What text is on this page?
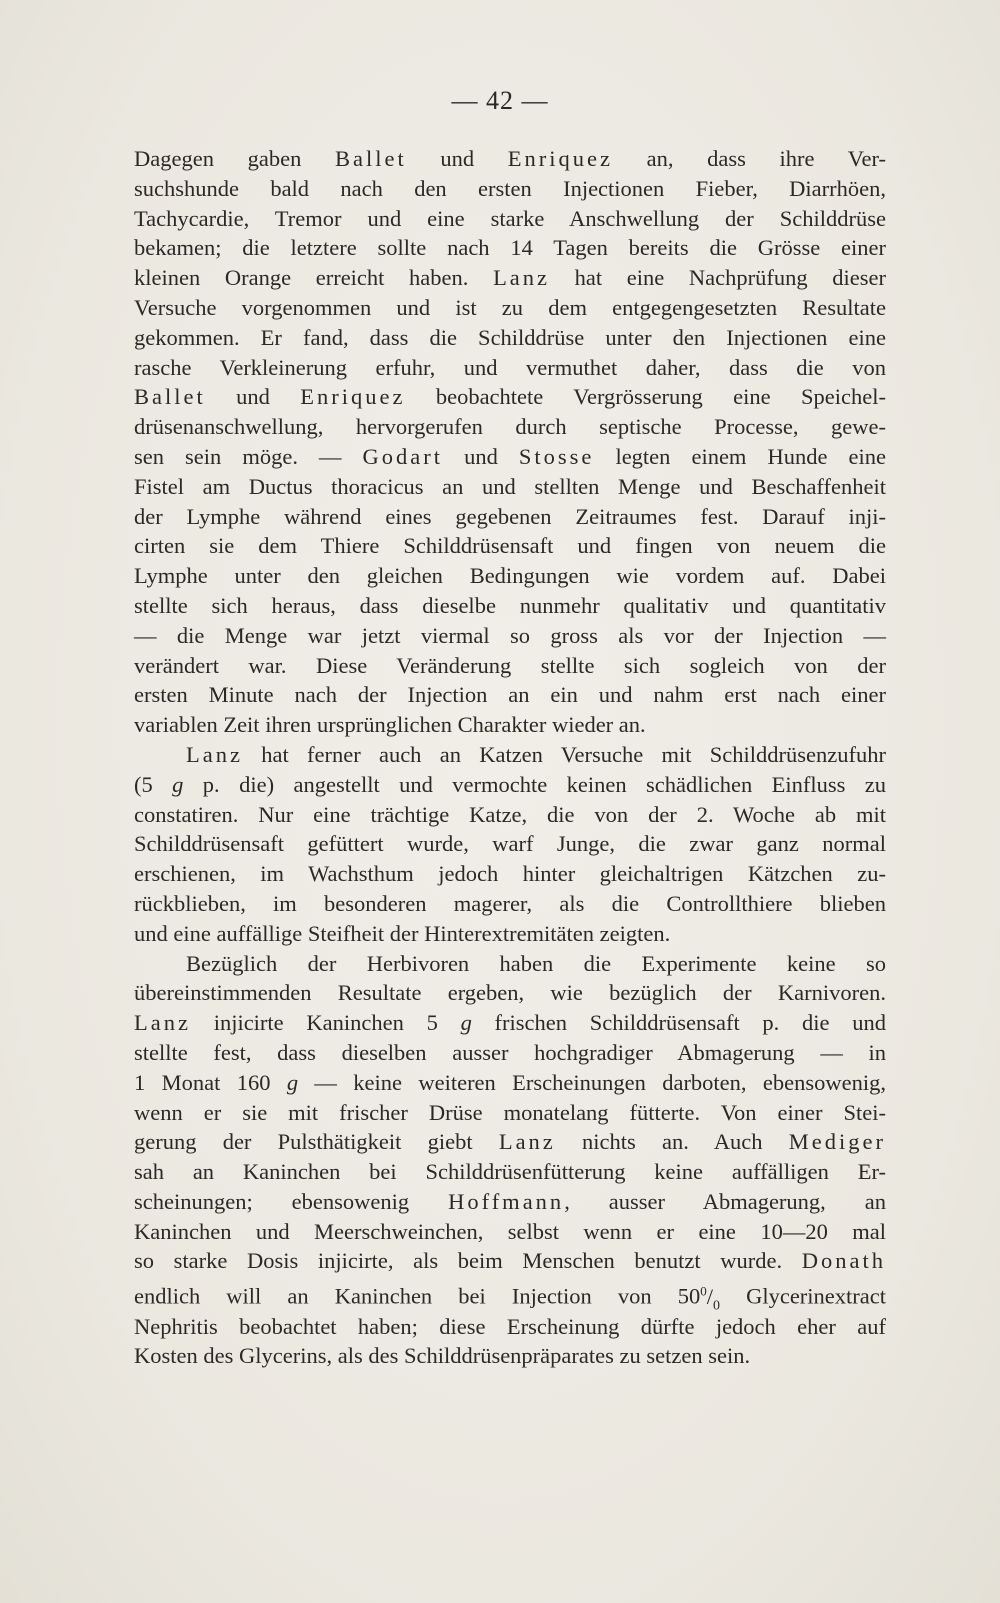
— 42 —
Dagegen gaben Ballet und Enriquez an, dass ihre Ver-
suchshunde bald nach den ersten Injectionen Fieber, Diarrhöen,
Tachycardie, Tremor und eine starke Anschwellung der Schilddrüse
bekamen; die letztere sollte nach 14 Tagen bereits die Grösse einer
kleinen Orange erreicht haben. Lanz hat eine Nachprüfung dieser
Versuche vorgenommen und ist zu dem entgegengesetzten Resultate
gekommen. Er fand, dass die Schilddrüse unter den Injectionen eine
rasche Verkleinerung erfuhr, und vermuthet daher, dass die von
Ballet und Enriquez beobachtete Vergrösserung eine Speichel-
drüsenanschwellung, hervorgerufen durch septische Processe, gewe-
sen sein möge. — Godart und Stosse legten einem Hunde eine
Fistel am Ductus thoracicus an und stellten Menge und Beschaffenheit
der Lymphe während eines gegebenen Zeitraumes fest. Darauf inji-
cirten sie dem Thiere Schilddrüsensaft und fingen von neuem die
Lymphe unter den gleichen Bedingungen wie vordem auf. Dabei
stellte sich heraus, dass dieselbe nunmehr qualitativ und quantitativ
— die Menge war jetzt viermal so gross als vor der Injection —
verändert war. Diese Veränderung stellte sich sogleich von der
ersten Minute nach der Injection an ein und nahm erst nach einer
variablen Zeit ihren ursprünglichen Charakter wieder an.
Lanz hat ferner auch an Katzen Versuche mit Schilddrüsenzufuhr
(5 g p. die) angestellt und vermochte keinen schädlichen Einfluss zu
constatiren. Nur eine trächtige Katze, die von der 2. Woche ab mit
Schilddrüsensaft gefüttert wurde, warf Junge, die zwar ganz normal
erschienen, im Wachsthum jedoch hinter gleichaltrigen Kätzchen zu-
rückblieben, im besonderen magerer, als die Controllthiere blieben
und eine auffällige Steifheit der Hinterextremitäten zeigten.
Bezüglich der Herbivoren haben die Experimente keine so
übereinstimmenden Resultate ergeben, wie bezüglich der Karnivoren.
Lanz injicirte Kaninchen 5 g frischen Schilddrüsensaft p. die und
stellte fest, dass dieselben ausser hochgradiger Abmagerung — in
1 Monat 160 g — keine weiteren Erscheinungen darboten, ebensowenig,
wenn er sie mit frischer Drüse monatelang fütterte. Von einer Stei-
gerung der Pulsthätigkeit giebt Lanz nichts an. Auch Mediger
sah an Kaninchen bei Schilddrüsenfütterung keine auffälligen Er-
scheinungen; ebensowenig Hoffmann, ausser Abmagerung, an
Kaninchen und Meerschweinchen, selbst wenn er eine 10—20 mal
so starke Dosis injicirte, als beim Menschen benutzt wurde. Donath
endlich will an Kaninchen bei Injection von $50^0/_0$ Glycerinextract
Nephritis beobachtet haben; diese Erscheinung dürfte jedoch eher auf
Kosten des Glycerins, als des Schilddrüsenpräparates zu setzen sein.
